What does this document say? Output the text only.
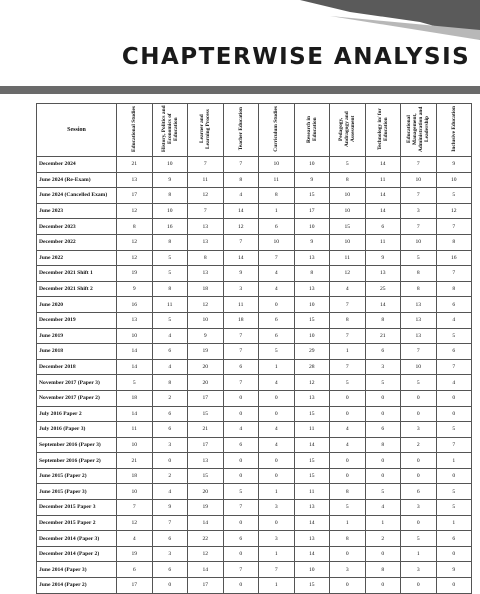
CHAPTERWISE ANALYSIS
Session	Educational Studies	History, Politics and Economics of Education	Learner and Learning Process	Teacher Education	Curriculum Studies	Research in Education	Pedagogy, Andragogy and Assessment	Technology in/ for Education	Educational Management, Administration and Leadership	Inclusive Education
December 2024	21	10	7	7	10	10	5	14	7	9
June 2024 (Re-Exam)	13	9	11	8	11	9	8	11	10	10
June 2024 (Cancelled Exam)	17	8	12	4	8	15	10	14	7	5
June 2023	12	10	7	14	1	17	10	14	3	12
December 2023	8	16	13	12	6	10	15	6	7	7
December 2022	12	8	13	7	10	9	10	11	10	8
June 2022	12	5	8	14	7	13	11	9	5	16
December 2021 Shift 1	19	5	13	9	4	8	12	13	8	7
December 2021 Shift 2	9	8	18	3	4	13	4	25	8	8
June 2020	16	11	12	11	0	10	7	14	13	6
December 2019	13	5	10	18	6	15	8	8	13	4
June 2019	10	4	9	7	6	10	7	21	13	5
June 2018	14	6	19	7	5	29	1	6	7	6
December 2018	14	4	20	6	1	28	7	3	10	7
November 2017 (Paper 3)	5	8	20	7	4	12	5	5	5	4
November 2017 (Paper 2)	18	2	17	0	0	13	0	0	0	0
July 2016 Paper 2	14	6	15	0	0	15	0	0	0	0
July 2016 (Paper 3)	11	6	21	4	4	11	4	6	3	5
September 2016 (Paper 3)	10	3	17	6	4	14	4	8	2	7
September 2016 (Paper 2)	21	0	13	0	0	15	0	0	0	1
June 2015 (Paper 2)	18	2	15	0	0	15	0	0	0	0
June 2015 (Paper 3)	10	4	20	5	1	11	8	5	6	5
December 2015 Paper 3	7	9	19	7	3	13	5	4	3	5
December 2015 Paper 2	12	7	14	0	0	14	1	1	0	1
December 2014 (Paper 3)	4	6	22	6	3	13	8	2	5	6
December 2014 (Paper 2)	19	3	12	0	1	14	0	0	1	0
June 2014 (Paper 3)	6	6	14	7	7	10	3	8	3	9
June 2014 (Paper 2)	17	0	17	0	1	15	0	0	0	0
